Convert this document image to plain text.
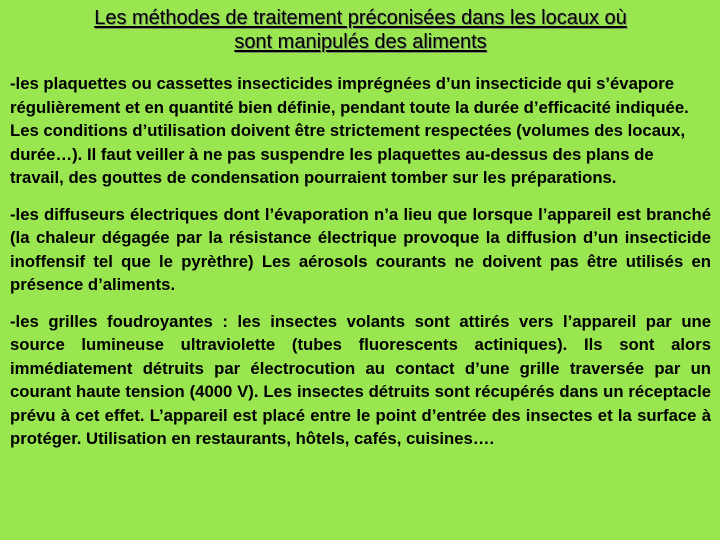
Les méthodes de traitement préconisées dans les locaux où
sont manipulés des aliments

-les plaquettes ou cassettes insecticides imprégnées d’un insecticide qui s’évapore régulièrement et en quantité bien définie, pendant toute la durée d’efficacité indiquée. Les conditions d’utilisation doivent être strictement respectées (volumes des locaux, durée…). Il faut veiller à ne pas suspendre les plaquettes au-dessus des plans de travail, des gouttes de condensation pourraient tomber sur les préparations.

-les diffuseurs électriques dont l’évaporation n’a lieu que lorsque l’appareil est branché (la chaleur dégagée par la résistance électrique provoque la diffusion d’un insecticide inoffensif tel que le pyrèthre) Les aérosols courants ne doivent pas être utilisés en présence d’aliments.

-les grilles foudroyantes : les insectes volants sont attirés vers l’appareil par une source lumineuse ultraviolette (tubes fluorescents actiniques). Ils sont alors immédiatement détruits par électrocution au contact d’une grille traversée par un courant haute tension (4000 V). Les insectes détruits sont récupérés dans un réceptacle prévu à cet effet. L’appareil est placé entre le point d’entrée des insectes et la surface à protéger. Utilisation en restaurants, hôtels, cafés, cuisines….
